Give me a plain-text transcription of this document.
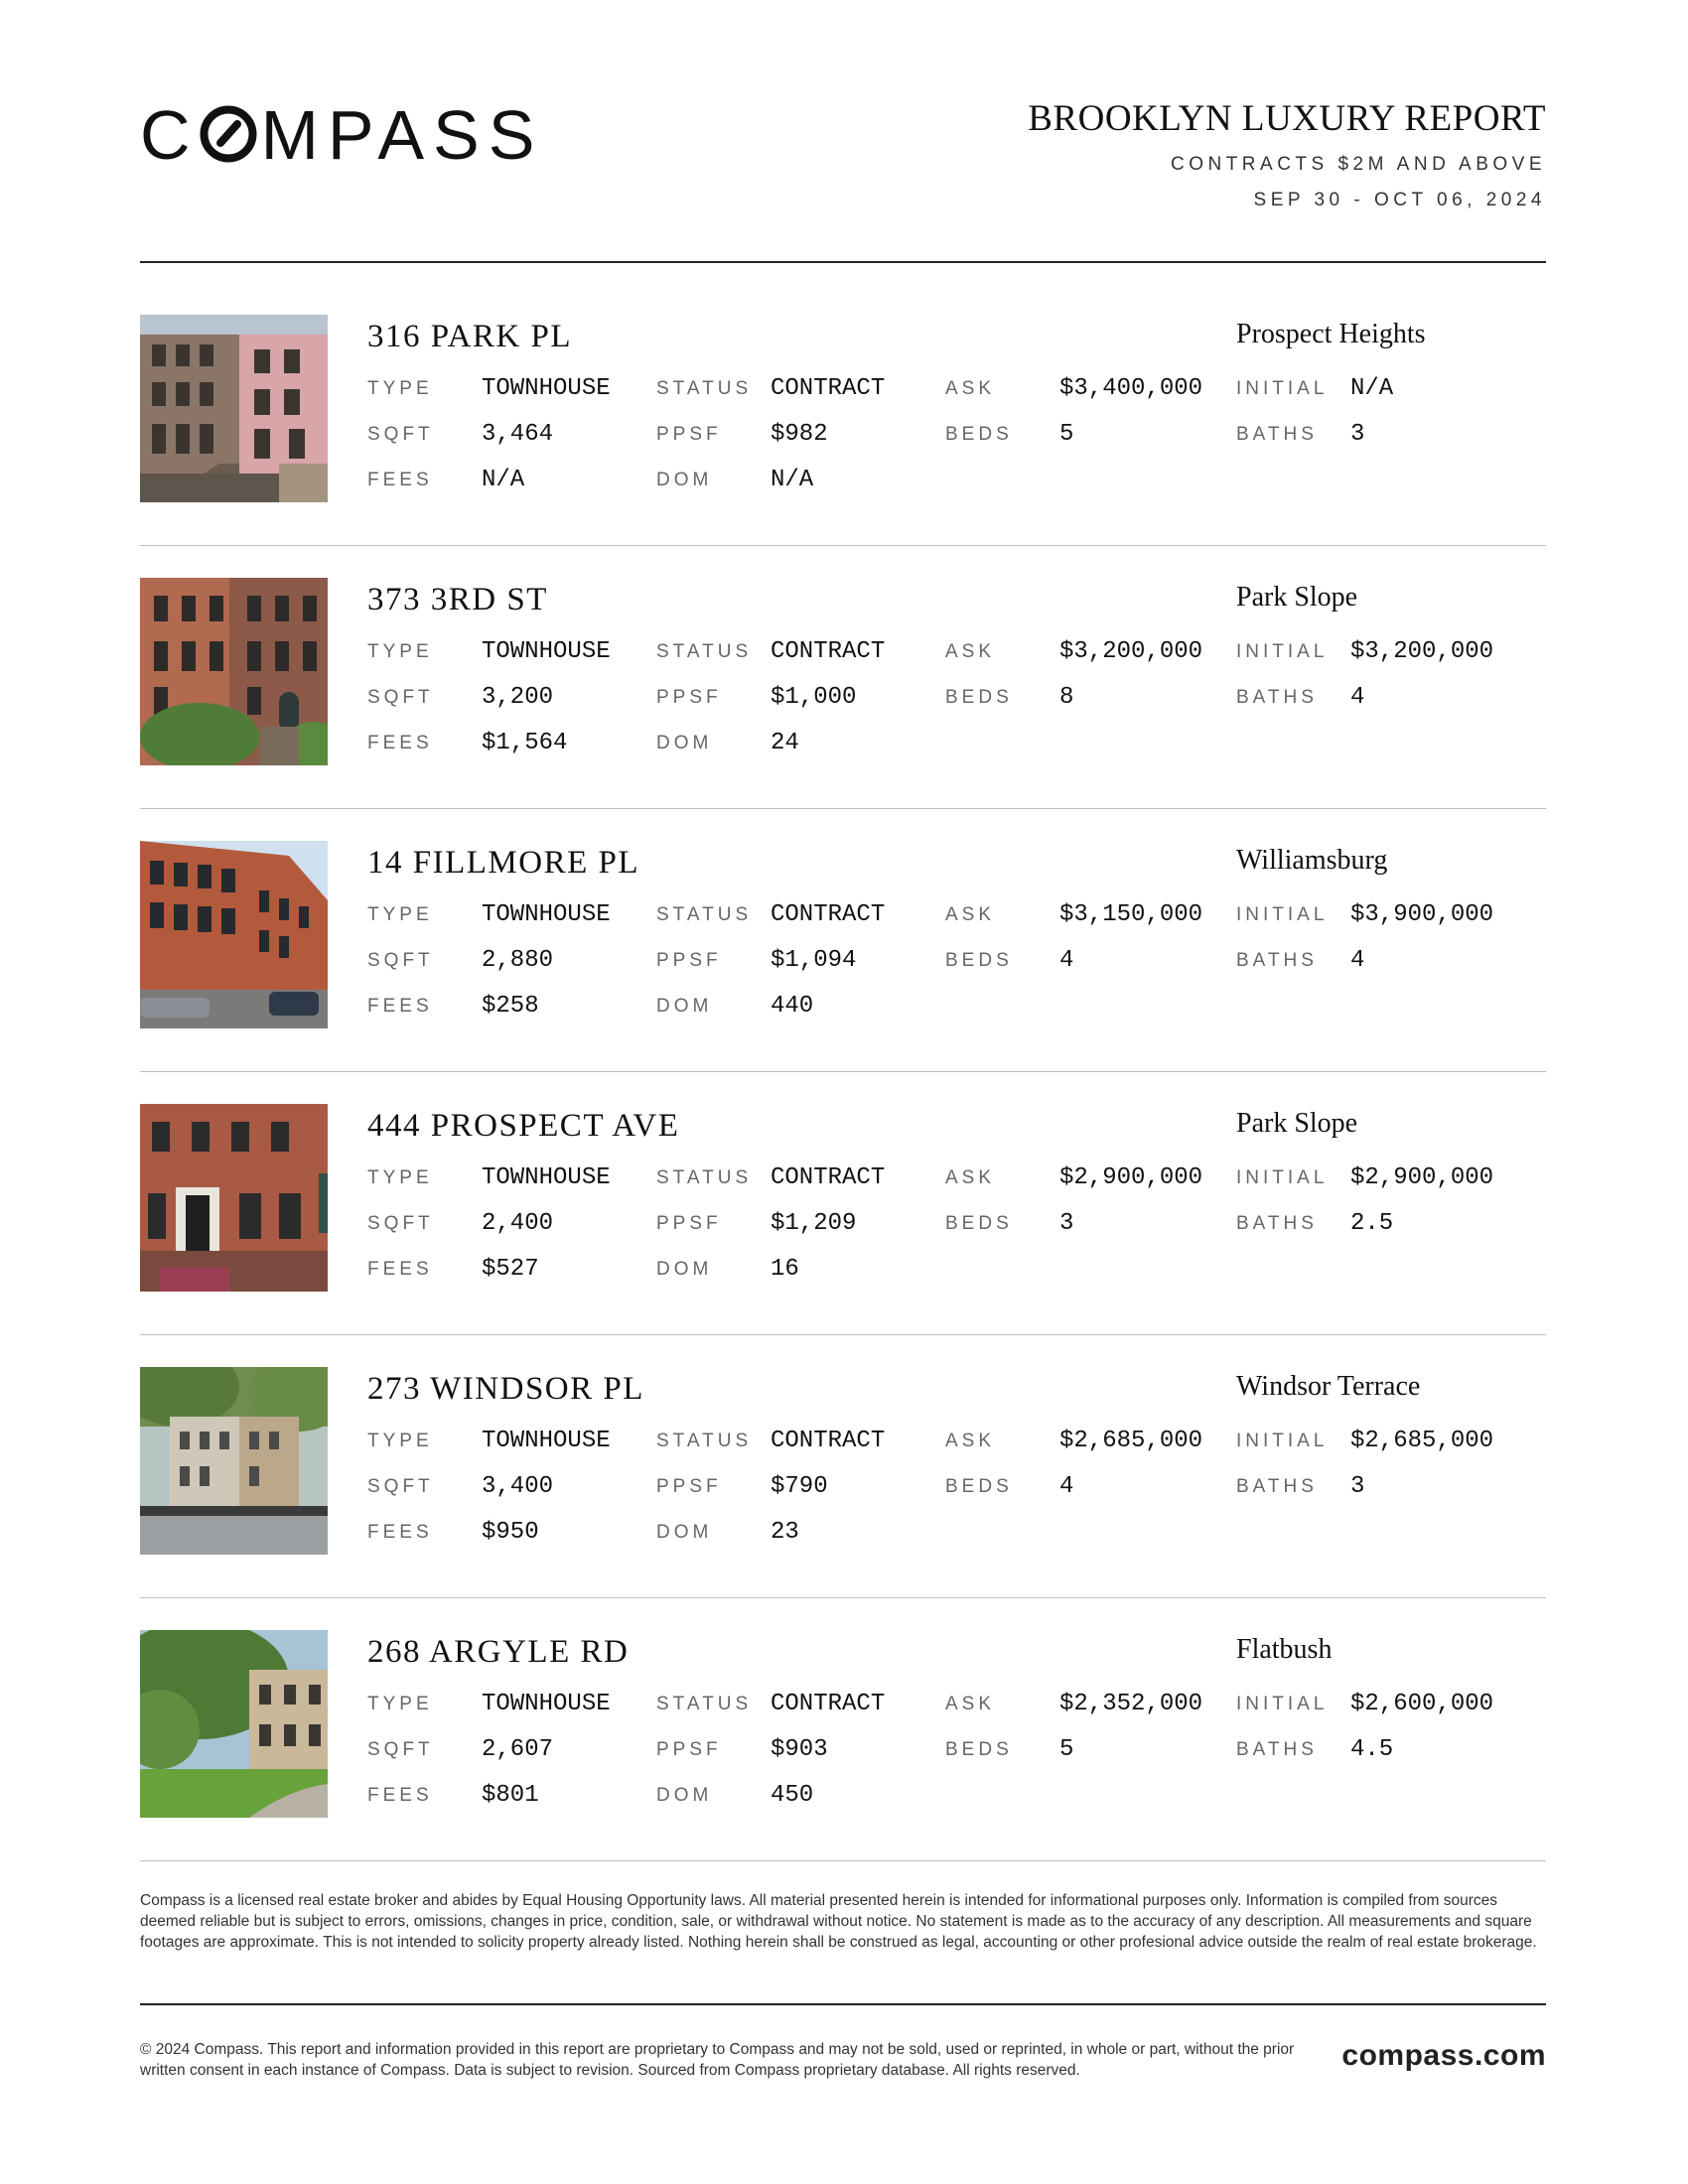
C MPASS	BROOKLYN LUXURY REPORT
CONTRACTS $2M AND ABOVE
SEP 30 - OCT 06, 2024
316 PARK PL	Prospect Heights
TYPE TOWNHOUSE STATUS CONTRACT	ASK	$3,400,000 INITIAL N/A
SQFT 3,464	PPSF $982	BEDS 5	BATHS 3
FEES N/A	DOM N/A
373 3RD ST	Park Slope
TYPE TOWNHOUSE STATUS CONTRACT	ASK	$3,200,000 INITIAL $3,200,000
SQFT 3,200	PPSF $1,000	BEDS 8	BATHS 4
FEES $1,564	DOM 24
14 FILLMORE PL	Williamsburg
TYPE TOWNHOUSE STATUS CONTRACT	ASK	$3,150,000 INITIAL $3,900,000
SQFT 2,880	PPSF $1,094	BEDS 4	BATHS 4
FEES $258	DOM 440
444 PROSPECT AVE	Park Slope
TYPE TOWNHOUSE STATUS CONTRACT	ASK	$2,900,000 INITIAL $2,900,000
SQFT 2,400	PPSF $1,209	BEDS 3	BATHS 2.5
FEES $527	DOM 16
273 WINDSOR PL	Windsor Terrace
TYPE TOWNHOUSE STATUS CONTRACT	ASK	$2,685,000 INITIAL $2,685,000
SQFT 3,400	PPSF $790	BEDS 4	BATHS 3
FEES $950	DOM 23
268 ARGYLE RD	Flatbush
TYPE TOWNHOUSE STATUS CONTRACT	ASK	$2,352,000 INITIAL $2,600,000
SQFT 2,607	PPSF $903	BEDS 5	BATHS 4.5
FEES $801	DOM 450
Compass is a licensed real estate broker and abides by Equal Housing Opportunity laws. All material presented herein is intended for informational purposes only. Information is compiled from sources deemed reliable but is subject to errors, omissions, changes in price, condition, sale, or withdrawal without notice. No statement is made as to the accuracy of any description. All measurements and square footages are approximate. This is not intended to solicity property already listed. Nothing herein shall be construed as legal, accounting or other profesional advice outside the realm of real estate brokerage.
© 2024 Compass. This report and information provided in this report are proprietary to Compass and may not be sold, used or reprinted, in whole or part, without the prior written consent in each instance of Compass. Data is subject to revision. Sourced from Compass proprietary database. All rights reserved.	compass.com
